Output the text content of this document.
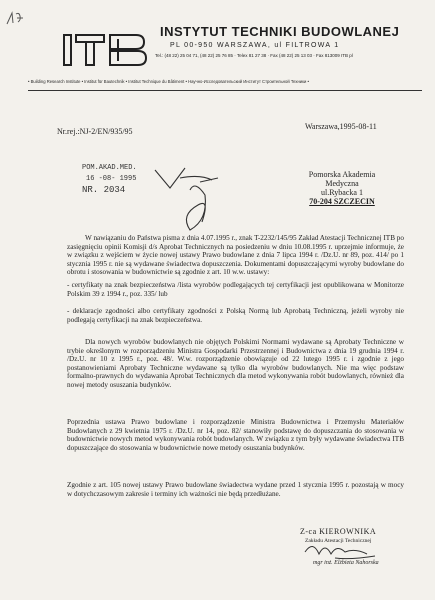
INSTYTUT TECHNIKI BUDOWLANEJ
PL 00-950 WARSZAWA, ul FILTROWA 1
Tel.: (48 22) 25 04 71, (48 22) 25 76 85 · Telex 81 27 38 · Fax (48 22) 25 13 03 · Fax 813009 ITB pl
• Building Research Institute • Institut für Bautechnik • Institut Technique du Bâtiment • Научно-Исследовательский Институт Строительной Техники •
Nr.rej.:NJ-2/EN/935/95
Warszawa,1995-08-11
POM.AKAD.MED.
16 -08- 1995
NR. 2034
Pomorska Akademia
Medyczna
ul.Rybacka 1
70-204 SZCZECIN
W nawiązaniu do Państwa pisma z dnia 4.07.1995 r., znak T-2232/145/95 Zakład Atestacji Technicznej ITB po zasięgnięciu opinii Komisji d/s Aprobat Technicznych na posiedzeniu w dniu 10.08.1995 r. uprzejmie informuje, że w związku z wejściem w życie nowej ustawy Prawo budowlane z dnia 7 lipca 1994 r. /Dz.U. nr 89, poz. 414/ po 1 stycznia 1995 r. nie są wydawane świadectwa dopuszczenia. Dokumentami dopuszczającymi wyroby budowlane do obrotu i stosowania w budownictwie są zgodnie z art. 10 w.w. ustawy:
- certyfikaty na znak bezpieczeństwa /lista wyrobów podlegających tej certyfikacji jest opublikowana w Monitorze Polskim 39 z 1994 r., poz. 335/ lub
- deklaracje zgodności albo certyfikaty zgodności z Polską Normą lub Aprobatą Techniczną, jeżeli wyroby nie podlegają certyfikacji na znak bezpieczeństwa.
Dla nowych wyrobów budowlanych nie objętych Polskimi Normami wydawane są Aprobaty Techniczne w trybie określonym w rozporządzeniu Ministra Gospodarki Przestrzennej i Budownictwa z dnia 19 grudnia 1994 r. /Dz.U. nr 10 z 1995 r., poz. 48/. W.w. rozporządzenie obowiązuje od 22 lutego 1995 r. i zgodnie z jego postanowieniami Aprobaty Techniczne wydawane są tylko dla wyrobów budowlanych. Nie ma więc podstaw formalno-prawnych do wydawania Aprobat Technicznych dla metod wykonywania robót budowlanych, również dla nowej metody osuszania budynków.
Poprzednia ustawa Prawo budowlane i rozporządzenie Ministra Budownictwa i Przemysłu Materiałów Budowlanych z 29 kwietnia 1975 r. /Dz.U. nr 14, poz. 82/ stanowiły podstawę do dopuszczania do stosowania w budownictwie nowych metod wykonywania robót budowlanych. W związku z tym były wydawane świadectwa ITB dopuszczające do stosowania w budownictwie nowe metody osuszania budynków.
Zgodnie z art. 105 nowej ustawy Prawo budowlane świadectwa wydane przed 1 stycznia 1995 r. pozostają w mocy w dotychczasowym zakresie i terminy ich ważności nie będą przedłużane.
Z-ca KIEROWNIKA
Zakładu Atestacji Technicznej
mgr inż. Elżbieta Nahorska
